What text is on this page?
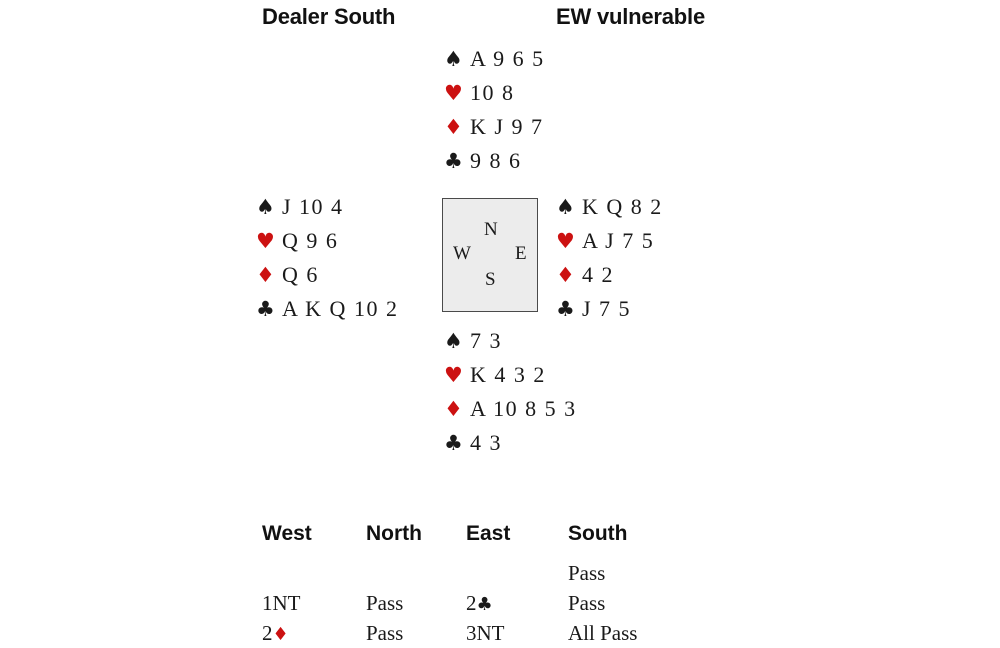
Dealer South	EW vulnerable
♠ A 9 6 5
♥ 10 8
♦ K J 9 7
♣ 9 8 6
♠ J 10 4
♥ Q 9 6
♦ Q 6
♣ A K Q 10 2
♠ K Q 8 2
♥ A J 7 5
♦ 4 2
♣ J 7 5
♠ 7 3
♥ K 4 3 2
♦ A 10 8 5 3
♣ 4 3
N
W E
S
West	North	East	South
			Pass
1NT	Pass	2♣	Pass
2♦	Pass	3NT	All Pass
